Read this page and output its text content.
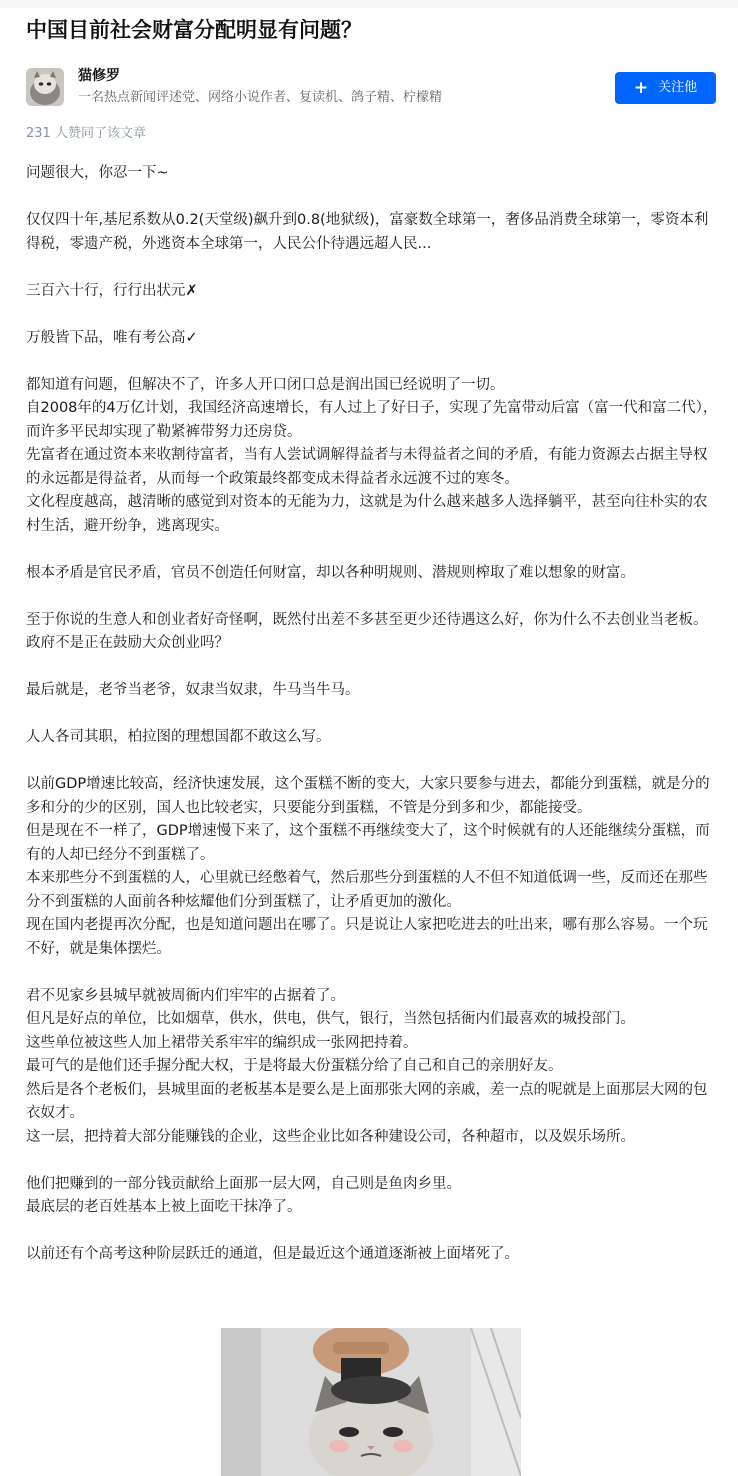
中国目前社会财富分配明显有问题？
猫修罗
一名热点新闻评述党、网络小说作者、复读机、鸽子精、柠檬精	+ 关注他
231 人赞同了该文章

问题很大，你忍一下~

仅仅四十年,基尼系数从0.2(天堂级)飙升到0.8(地狱级)，富豪数全球第一，奢侈品消费全球第一，零资本利得税，零遗产税，外逃资本全球第一，人民公仆待遇远超人民...

三百六十行，行行出状元✗

万般皆下品，唯有考公高✓

都知道有问题，但解决不了，许多人开口闭口总是润出国已经说明了一切。
自2008年的4万亿计划，我国经济高速增长，有人过上了好日子，实现了先富带动后富（富一代和富二代），而许多平民却实现了勒紧裤带努力还房贷。
先富者在通过资本来收割待富者，当有人尝试调解得益者与未得益者之间的矛盾，有能力资源去占据主导权的永远都是得益者，从而每一个政策最终都变成未得益者永远渡不过的寒冬。
文化程度越高，越清晰的感觉到对资本的无能为力，这就是为什么越来越多人选择躺平，甚至向往朴实的农村生活，避开纷争，逃离现实。

根本矛盾是官民矛盾，官员不创造任何财富，却以各种明规则、潜规则榨取了难以想象的财富。

至于你说的生意人和创业者好奇怪啊，既然付出差不多甚至更少还待遇这么好，你为什么不去创业当老板。政府不是正在鼓励大众创业吗？

最后就是，老爷当老爷，奴隶当奴隶，牛马当牛马。

人人各司其职，柏拉图的理想国都不敢这么写。

以前GDP增速比较高，经济快速发展，这个蛋糕不断的变大，大家只要参与进去，都能分到蛋糕，就是分的多和分的少的区别，国人也比较老实，只要能分到蛋糕，不管是分到多和少，都能接受。
但是现在不一样了，GDP增速慢下来了，这个蛋糕不再继续变大了，这个时候就有的人还能继续分蛋糕，而有的人却已经分不到蛋糕了。
本来那些分不到蛋糕的人，心里就已经憋着气，然后那些分到蛋糕的人不但不知道低调一些，反而还在那些分不到蛋糕的人面前各种炫耀他们分到蛋糕了，让矛盾更加的激化。
现在国内老提再次分配，也是知道问题出在哪了。只是说让人家把吃进去的吐出来，哪有那么容易。一个玩不好，就是集体摆烂。

君不见家乡县城早就被周衙内们牢牢的占据着了。
但凡是好点的单位，比如烟草，供水，供电，供气，银行，当然包括衙内们最喜欢的城投部门。
这些单位被这些人加上裙带关系牢牢的编织成一张网把持着。
最可气的是他们还手握分配大权，于是将最大份蛋糕分给了自己和自己的亲朋好友。
然后是各个老板们，县城里面的老板基本是要么是上面那张大网的亲戚，差一点的呢就是上面那层大网的包衣奴才。
这一层，把持着大部分能赚钱的企业，这些企业比如各种建设公司，各种超市，以及娱乐场所。

他们把赚到的一部分钱贡献给上面那一层大网，自己则是鱼肉乡里。
最底层的老百姓基本上被上面吃干抹净了。

以前还有个高考这种阶层跃迁的通道，但是最近这个通道逐渐被上面堵死了。
